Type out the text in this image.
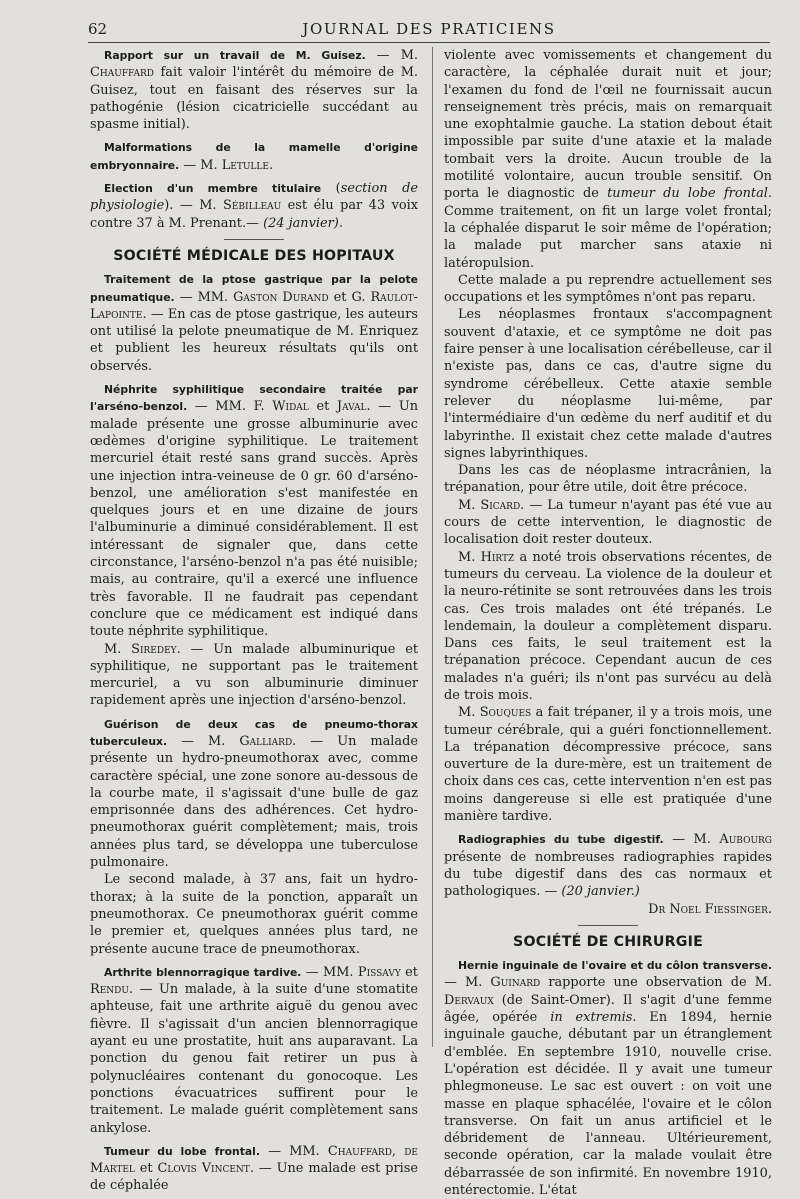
62	JOURNAL DES PRATICIENS

Rapport sur un travail de M. Guisez. — M. Chauffard fait valoir l'intérêt du mémoire de M. Guisez, tout en faisant des réserves sur la pathogénie (lésion cicatricielle succédant au spasme initial).

Malformations de la mamelle d'origine embryonnaire. — M. Letulle.

Election d'un membre titulaire (section de physiologie). — M. Sébilleau est élu par 43 voix contre 37 à M. Prenant.— (24 janvier).

SOCIÉTÉ MÉDICALE DES HOPITAUX

Traitement de la ptose gastrique par la pelote pneumatique. — MM. Gaston Durand et G. Raulot-Lapointe. — En cas de ptose gastrique, les auteurs ont utilisé la pelote pneumatique de M. Enriquez et publient les heureux résultats qu'ils ont observés.

Néphrite syphilitique secondaire traitée par l'arséno-benzol. — MM. F. Widal et Javal. — Un malade présente une grosse albuminurie avec œdèmes d'origine syphilitique. Le traitement mercuriel était resté sans grand succès. Après une injection intra-veineuse de 0 gr. 60 d'arséno-benzol, une amélioration s'est manifestée en quelques jours et en une dizaine de jours l'albuminurie a diminué considérablement. Il est intéressant de signaler que, dans cette circonstance, l'arséno-benzol n'a pas été nuisible; mais, au contraire, qu'il a exercé une influence très favorable. Il ne faudrait pas cependant conclure que ce médicament est indiqué dans toute néphrite syphilitique.

M. Siredey. — Un malade albuminurique et syphilitique, ne supportant pas le traitement mercuriel, a vu son albuminurie diminuer rapidement après une injection d'arséno-benzol.

Guérison de deux cas de pneumo-thorax tuberculeux. — M. Galliard. — Un malade présente un hydro-pneumothorax avec, comme caractère spécial, une zone sonore au-dessous de la courbe mate, il s'agissait d'une bulle de gaz emprisonnée dans des adhérences. Cet hydro-pneumothorax guérit complètement; mais, trois années plus tard, se développa une tuberculose pulmonaire.

Le second malade, à 37 ans, fait un hydro-thorax; à la suite de la ponction, apparaît un pneumothorax. Ce pneumothorax guérit comme le premier et, quelques années plus tard, ne présente aucune trace de pneumothorax.

Arthrite blennorragique tardive. — MM. Pissavy et Rendu. — Un malade, à la suite d'une stomatite aphteuse, fait une arthrite aiguë du genou avec fièvre. Il s'agissait d'un ancien blennorragique ayant eu une prostatite, huit ans auparavant. La ponction du genou fait retirer un pus à polynucléaires contenant du gonocoque. Les ponctions évacuatrices suffirent pour le traitement. Le malade guérit complètement sans ankylose.

Tumeur du lobe frontal. — MM. Chauffard, de Martel et Clovis Vincent. — Une malade est prise de céphalée

violente avec vomissements et changement du caractère, la céphalée durait nuit et jour; l'examen du fond de l'œil ne fournissait aucun renseignement très précis, mais on remarquait une exophtalmie gauche. La station debout était impossible par suite d'une ataxie et la malade tombait vers la droite. Aucun trouble de la motilité volontaire, aucun trouble sensitif. On porta le diagnostic de tumeur du lobe frontal. Comme traitement, on fit un large volet frontal; la céphalée disparut le soir même de l'opération; la malade put marcher sans ataxie ni latéropulsion.

Cette malade a pu reprendre actuellement ses occupations et les symptômes n'ont pas reparu.

Les néoplasmes frontaux s'accompagnent souvent d'ataxie, et ce symptôme ne doit pas faire penser à une localisation cérébelleuse, car il n'existe pas, dans ce cas, d'autre signe du syndrome cérébelleux. Cette ataxie semble relever du néoplasme lui-même, par l'intermédiaire d'un œdème du nerf auditif et du labyrinthe. Il existait chez cette malade d'autres signes labyrinthiques.

Dans les cas de néoplasme intracrânien, la trépanation, pour être utile, doit être précoce.

M. Sicard. — La tumeur n'ayant pas été vue au cours de cette intervention, le diagnostic de localisation doit rester douteux.

M. Hirtz a noté trois observations récentes, de tumeurs du cerveau. La violence de la douleur et la neuro-rétinite se sont retrouvées dans les trois cas. Ces trois malades ont été trépanés. Le lendemain, la douleur a complètement disparu. Dans ces faits, le seul traitement est la trépanation précoce. Cependant aucun de ces malades n'a guéri; ils n'ont pas survécu au delà de trois mois.

M. Souques a fait trépaner, il y a trois mois, une tumeur cérébrale, qui a guéri fonctionnellement. La trépanation décompressive précoce, sans ouverture de la dure-mère, est un traitement de choix dans ces cas, cette intervention n'en est pas moins dangereuse si elle est pratiquée d'une manière tardive.

Radiographies du tube digestif. — M. Aubourg présente de nombreuses radiographies rapides du tube digestif dans des cas normaux et pathologiques. — (20 janvier.)

Dr Noel Fiessinger.

SOCIÉTÉ DE CHIRURGIE

Hernie inguinale de l'ovaire et du côlon transverse. — M. Guinard rapporte une observation de M. Dervaux (de Saint-Omer). Il s'agit d'une femme âgée, opérée in extremis. En 1894, hernie inguinale gauche, débutant par un étranglement d'emblée. En septembre 1910, nouvelle crise. L'opération est décidée. Il y avait une tumeur phlegmoneuse. Le sac est ouvert : on voit une masse en plaque sphacélée, l'ovaire et le côlon transverse. On fait un anus artificiel et le débridement de l'anneau. Ultérieurement, seconde opération, car la malade voulait être débarrassée de son infirmité. En novembre 1910, entérectomie. L'état
